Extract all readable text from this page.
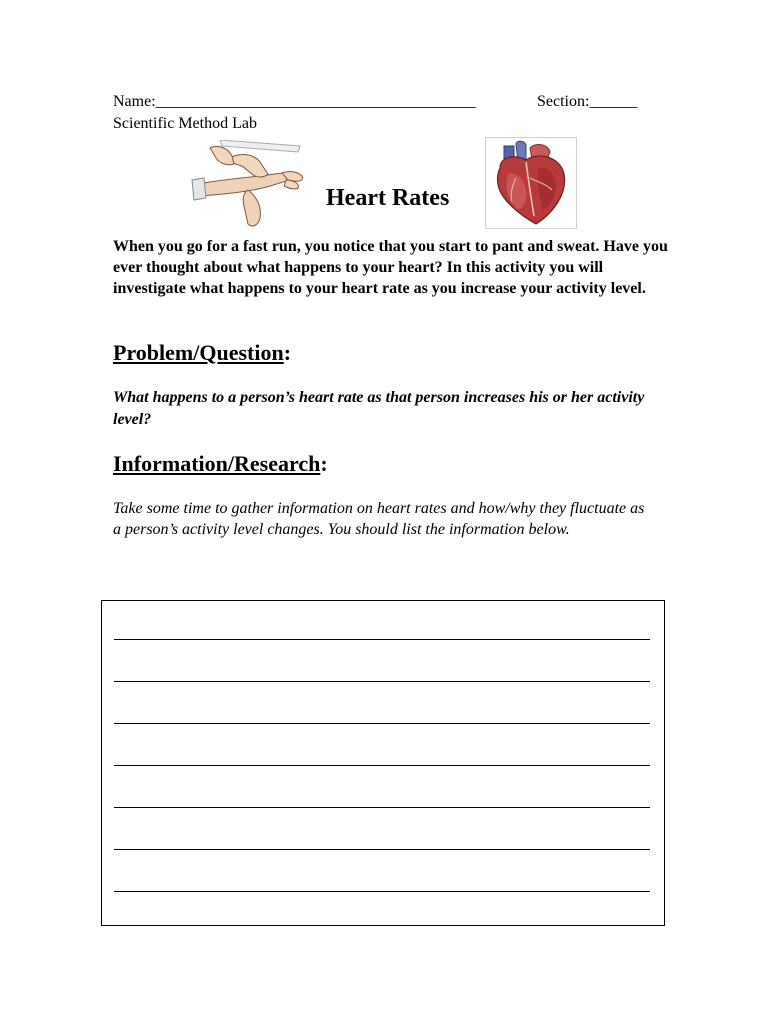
Name:________________________________________	Section:______
Scientific Method Lab
Heart Rates
When you go for a fast run, you notice that you start to pant and sweat. Have you ever thought about what happens to your heart? In this activity you will investigate what happens to your heart rate as you increase your activity level.
Problem/Question:
What happens to a person’s heart rate as that person increases his or her activity level?
Information/Research:
Take some time to gather information on heart rates and how/why they fluctuate as a person’s activity level changes. You should list the information below.
